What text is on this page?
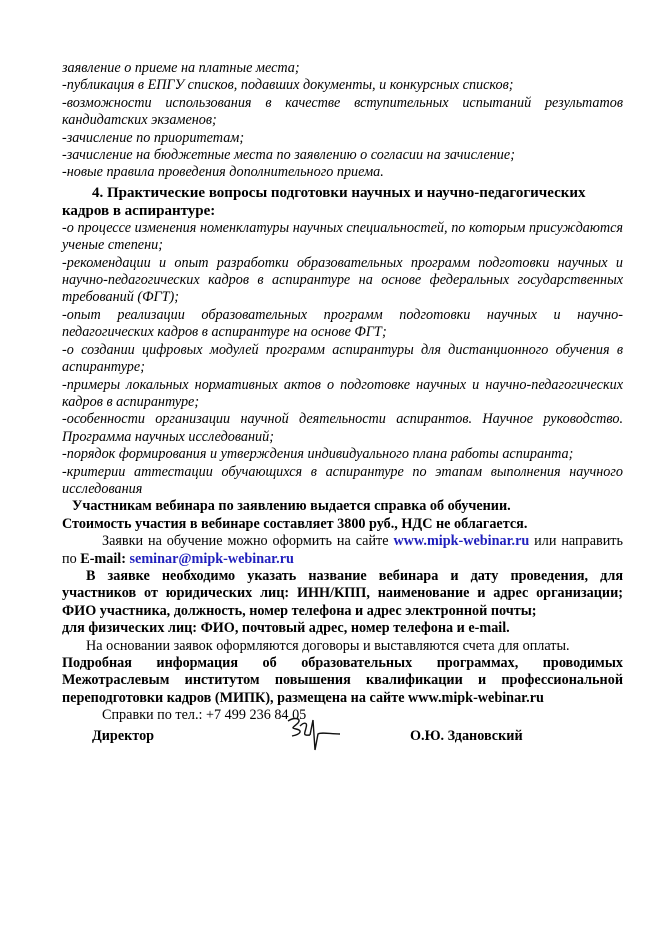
заявление о приеме на платные места;
-публикация в ЕПГУ списков, подавших документы, и конкурсных списков;
-возможности использования в качестве вступительных испытаний результатов кандидатских экзаменов;
-зачисление по приоритетам;
-зачисление на бюджетные места по заявлению о согласии на зачисление;
-новые правила проведения дополнительного приема.
4. Практические вопросы подготовки научных и научно-педагогических
кадров в аспирантуре:
-о процессе изменения номенклатуры научных специальностей, по которым присуждаются ученые степени;
-рекомендации и опыт разработки образовательных программ подготовки научных и научно-педагогических кадров в аспирантуре на основе федеральных государственных требований (ФГТ);
-опыт реализации образовательных программ подготовки научных и научно-педагогических кадров в аспирантуре на основе ФГТ;
-о создании цифровых модулей программ аспирантуры для дистанционного обучения в аспирантуре;
-примеры локальных нормативных актов о подготовке научных и научно-педагогических кадров в аспирантуре;
-особенности организации научной деятельности аспирантов. Научное руководство. Программа научных исследований;
-порядок формирования и утверждения индивидуального плана работы аспиранта;
-критерии аттестации обучающихся в аспирантуре по этапам выполнения научного исследования
Участникам вебинара по заявлению выдается справка об обучении.
Стоимость участия в вебинаре составляет 3800 руб., НДС не облагается.
Заявки на обучение можно оформить на сайте www.mipk-webinar.ru или направить по E-mail: seminar@mipk-webinar.ru
В заявке необходимо указать название вебинара и дату проведения, для участников от юридических лиц: ИНН/КПП, наименование и адрес организации; ФИО участника, должность, номер телефона и адрес электронной почты;
для физических лиц: ФИО, почтовый адрес, номер телефона и e-mail.
На основании заявок оформляются договоры и выставляются счета для оплаты.
Подробная информация об образовательных программах, проводимых Межотраслевым институтом повышения квалификации и профессиональной переподготовки кадров (МИПК), размещена на сайте www.mipk-webinar.ru
Справки по тел.: +7 499 236 84 05
Директор	О.Ю. Здановский
